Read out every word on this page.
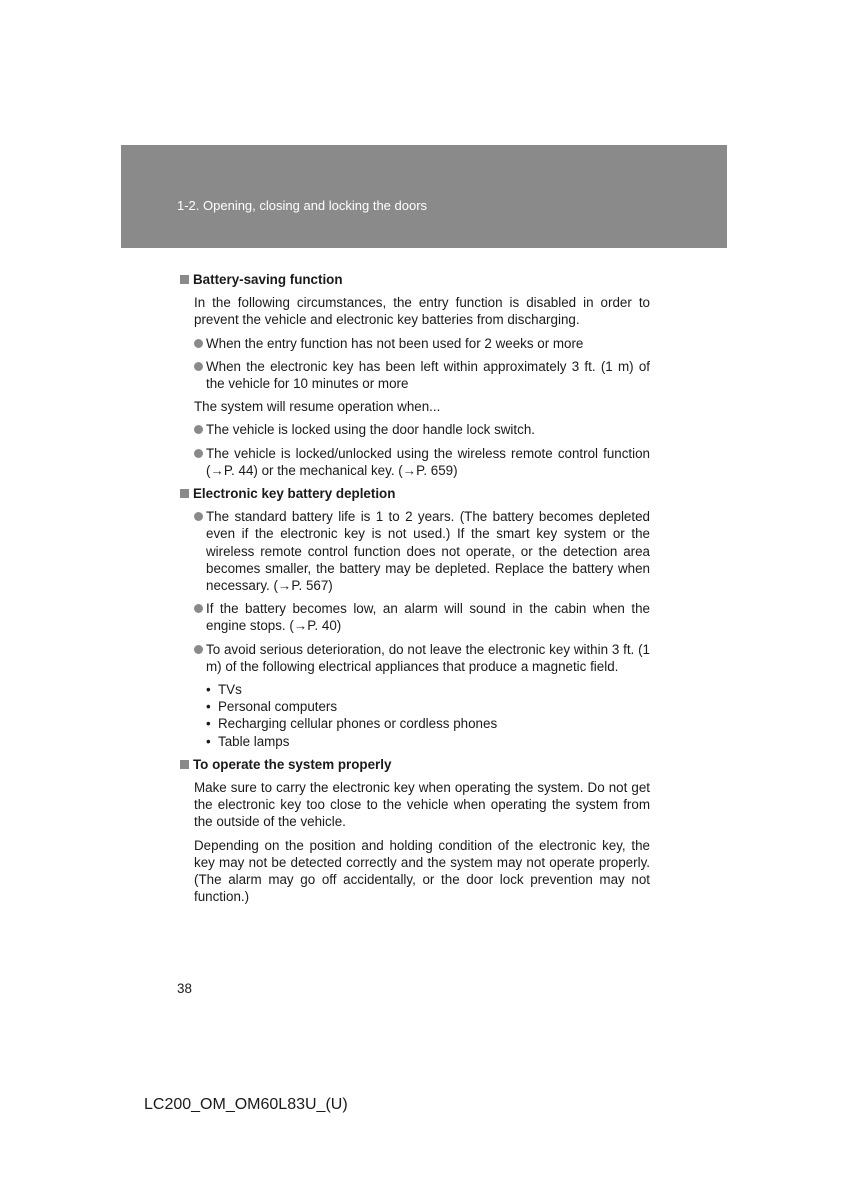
1-2. Opening, closing and locking the doors
Battery-saving function
In the following circumstances, the entry function is disabled in order to prevent the vehicle and electronic key batteries from discharging.
When the entry function has not been used for 2 weeks or more
When the electronic key has been left within approximately 3 ft. (1 m) of the vehicle for 10 minutes or more
The system will resume operation when...
The vehicle is locked using the door handle lock switch.
The vehicle is locked/unlocked using the wireless remote control function (→P. 44) or the mechanical key. (→P. 659)
Electronic key battery depletion
The standard battery life is 1 to 2 years. (The battery becomes depleted even if the electronic key is not used.) If the smart key system or the wireless remote control function does not operate, or the detection area becomes smaller, the battery may be depleted. Replace the battery when necessary. (→P. 567)
If the battery becomes low, an alarm will sound in the cabin when the engine stops. (→P. 40)
To avoid serious deterioration, do not leave the electronic key within 3 ft. (1 m) of the following electrical appliances that produce a magnetic field.
• TVs
• Personal computers
• Recharging cellular phones or cordless phones
• Table lamps
To operate the system properly
Make sure to carry the electronic key when operating the system. Do not get the electronic key too close to the vehicle when operating the system from the outside of the vehicle.
Depending on the position and holding condition of the electronic key, the key may not be detected correctly and the system may not operate properly. (The alarm may go off accidentally, or the door lock prevention may not function.)
38
LC200_OM_OM60L83U_(U)
